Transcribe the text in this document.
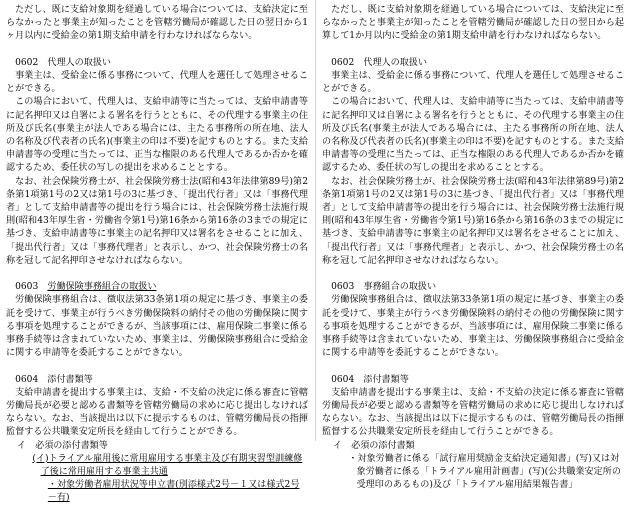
ただし、既に支給対象期を経過している場合については、支給決定に至らなかったと事業主が知ったことを管轄労働局が確認した日の翌日から1ヶ月以内に受給金の第1期支給申請を行わなければならない。

0602　 代理人の取扱い

事業主は、受給金に係る事務について、代理人を選任して処理させることができる。

この場合において、代理人は、支給申請等に当たっては、支給申請書等に記名押印又は自署による署名を行うとともに、その代理する事業主の住所及び氏名(事業主が法人である場合には、主たる事務所の所在地、法人の名称及び代表者の氏名)(事業主の印は不要)を記すものとする。また支給申請書等の受理に当たっては、正当な権限のある代理人であるか否かを確認するため、委任状の写しの提出を求めることとする。

なお、社会保険労務士が、社会保険労務士法(昭和43年法律第89号)第2条第1項第1号の2又は第1号の3に基づき、「提出代行者」又は「事務代理者」として支給申請書等の提出を行う場合には、社会保険労務士法施行規則(昭和43年厚生省・労働省令第1号)第16条から第16条の3までの規定に基づき、支給申請書等に事業主の記名押印又は署名をさせることに加え、「提出代行者」又は「事務代理者」と表示し、かつ、社会保険労務士の名称を冠して記名押印させなければならない。

0603　 労働保険事務組合の取扱い

労働保険事務組合は、徴収法第33条第1項の規定に基づき、事業主の委託を受けて、事業主が行うべき労働保険料の納付その他の労働保険に関する事項を処理することができるが、当該事項には、雇用保険二事業に係る事務手続等は含まれていないため、事業主は、労働保険事務組合に受給金に関する申請等を委託することができない。

0604　 添付書類等

支給申請書を提出する事業主は、支給・不支給の決定に係る審査に管轄労働局長が必要と認める書類等を管轄労働局の求めに応じ提出しなければならない。なお、当該提出は以下に提示するものは、管轄労働局長の指揮監督する公共職業安定所長を経由して行うことができる。

イ　必須の添付書類等

(イ)トライアル雇用後に常用雇用する事業主及び有期実習型訓練修了後に常用雇用する事業主共通

・対象労働者雇用状況等申立書(別添様式2号－１又は様式2号－有)

ただし、既に支給対象期を経過している場合については、支給決定に至らなかったと事業主が知ったことを管轄労働局が確認した日の翌日から起算して1か月以内に受給金の第1期支給申請を行わなければならない。

0602　 代理人の取扱い

事業主は、受給金に係る事務について、代理人を選任して処理させることができる。

この場合において、代理人は、支給申請等に当たっては、支給申請書等に記名押印又は自署による署名を行うとともに、その代理する事業主の住所及び氏名(事業主が法人である場合には、主たる事務所の所在地、法人の名称及び代表者の氏名)(事業主の印は不要)を記すものとする。また支給申請書等の受理に当たっては、正当な権限のある代理人であるか否かを確認するため、委任状の写しの提出を求めることとする。

なお、社会保険労務士が、社会保険労務士法(昭和43年法律第89号)第2条第1項第1号の2又は第1号の3に基づき、「提出代行者」又は「事務代理者」として支給申請書等の提出を行う場合には、社会保険労務士法施行規則(昭和43年厚生省・労働省令第1号)第16条から第16条の3までの規定に基づき、支給申請書等に事業主の記名押印又は署名をさせることに加え、「提出代行者」又は「事務代理者」と表示し、かつ、社会保険労務士の名称を冠して記名押印させなければならない。

0603　 事務組合の取扱い

労働保険事務組合は、徴収法第33条第1項の規定に基づき、事業主の委託を受けて、事業主が行うべき労働保険料の納付その他の労働保険に関する事項を処理することができるが、当該事項には、雇用保険二事業に係る事務手続等は含まれていないため、事業主は、労働保険事務組合に受給金に関する申請等を委託することができない。

0604　 添付書類等

支給申請書を提出する事業主は、支給・不支給の決定に係る審査に管轄労働局長が必要と認める書類等を管轄労働局の求めに応じ提出しなければならない。なお、当該提出は以下に提示するものは、管轄労働局長の指揮監督する公共職業安定所長を経由して行うことができる。

イ　必須の添付書類

・対象労働者に係る「試行雇用奨励金支給決定通知書」(写)又は対象労働者に係る「トライアル雇用計画書」(写)(公共職業安定所の受理印のあるもの)及び「トライアル雇用結果報告書」
